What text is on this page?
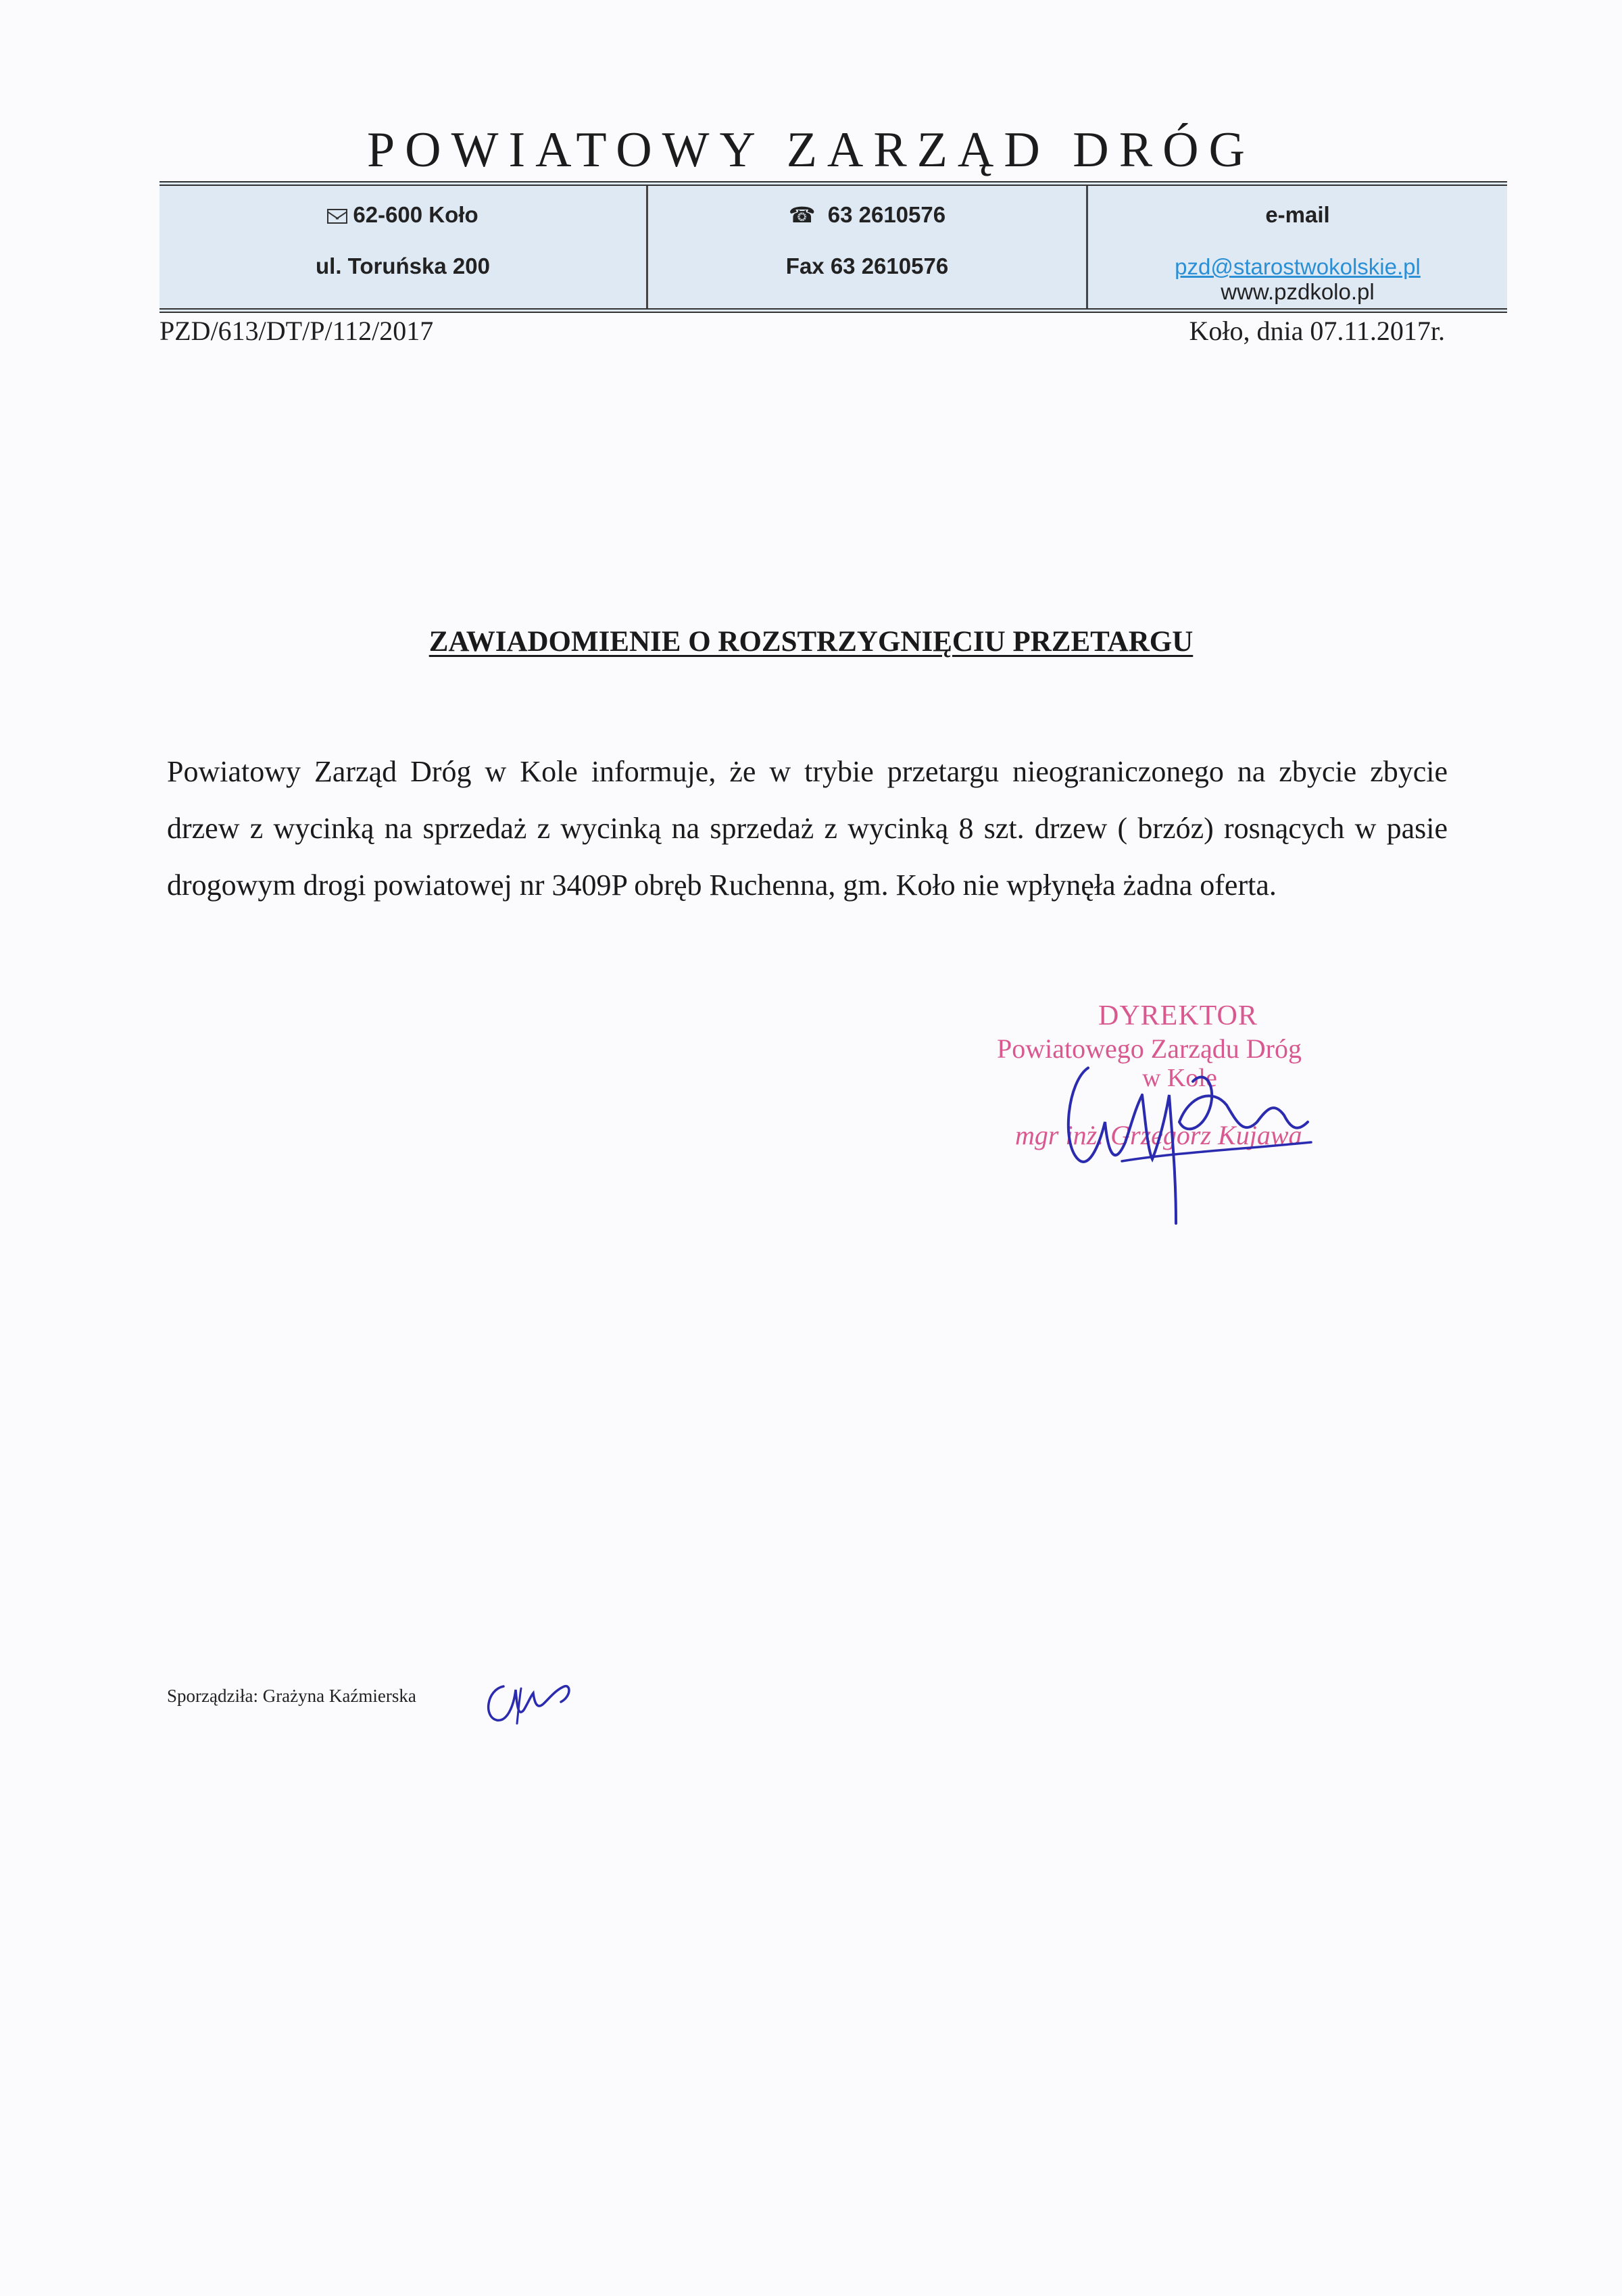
POWIATOWY ZARZĄD DRÓG
62-600 Koło
ul. Toruńska 200
☎ 63 2610576
Fax 63 2610576
e-mail
pzd@starostwokolskie.pl
www.pzdkolo.pl
PZD/613/DT/P/112/2017	Koło, dnia 07.11.2017r.
ZAWIADOMIENIE O ROZSTRZYGNIĘCIU PRZETARGU

Powiatowy Zarząd Dróg w Kole informuje, że w trybie przetargu nieograniczonego na zbycie zbycie drzew z wycinką na sprzedaż z wycinką na sprzedaż z wycinką 8 szt. drzew ( brzóz) rosnących w pasie drogowym drogi powiatowej nr 3409P obręb Ruchenna, gm. Koło nie wpłynęła żadna oferta.

DYREKTOR
Powiatowego Zarządu Dróg
w Kole
mgr inż. Grzegorz Kujawa
Sporządziła: Grażyna Kaźmierska
